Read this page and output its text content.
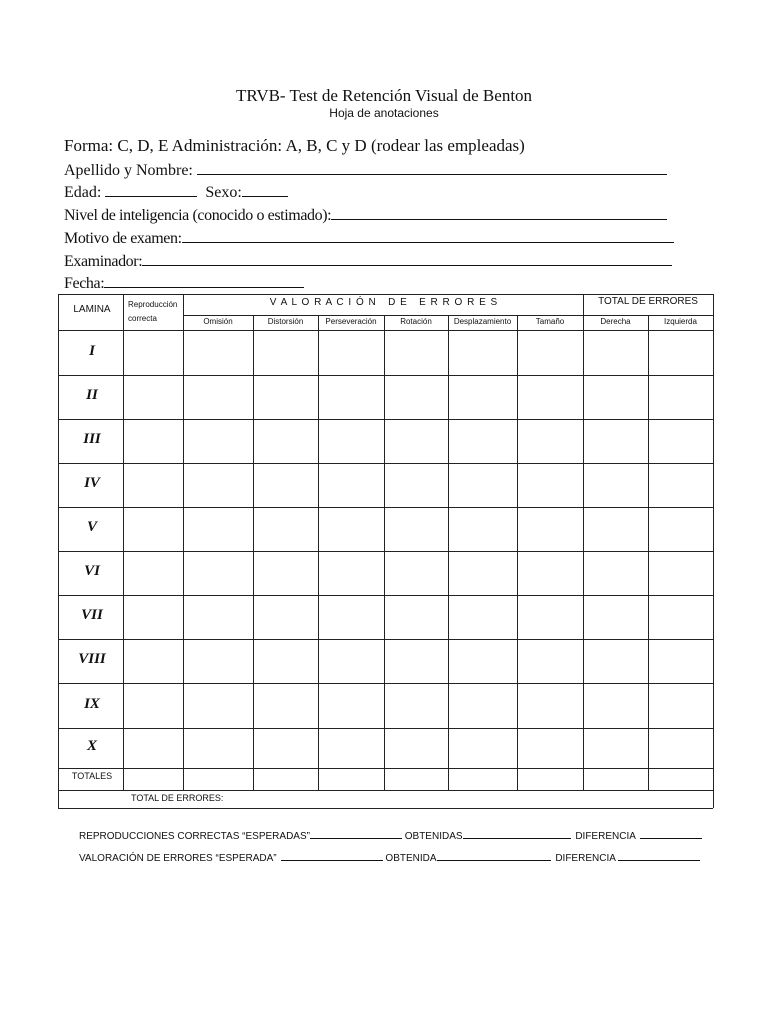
TRVB- Test de Retención Visual de Benton
Hoja de anotaciones
Forma: C, D, E Administración: A, B, C y D (rodear las empleadas)
Apellido y Nombre:
Edad:	Sexo:
Nivel de inteligencia (conocido o estimado):
Motivo de examen:
Examinador:
Fecha:
LAMINA	Reproducción
correcta
V A L O R A C I Ó N   D E   E R R O R E S	TOTAL DE ERRORES
Omisión	Distorsión	Perseveración	Rotación	Desplazamiento	Tamaño	Derecha	Izquierda
I
II
III
IV
V
VI
VII
VIII
IX
X
TOTALES
TOTAL DE ERRORES:
REPRODUCCIONES CORRECTAS “ESPERADAS”	OBTENIDAS	DIFERENCIA
VALORACIÓN DE ERRORES “ESPERADA”	OBTENIDA	DIFERENCIA
